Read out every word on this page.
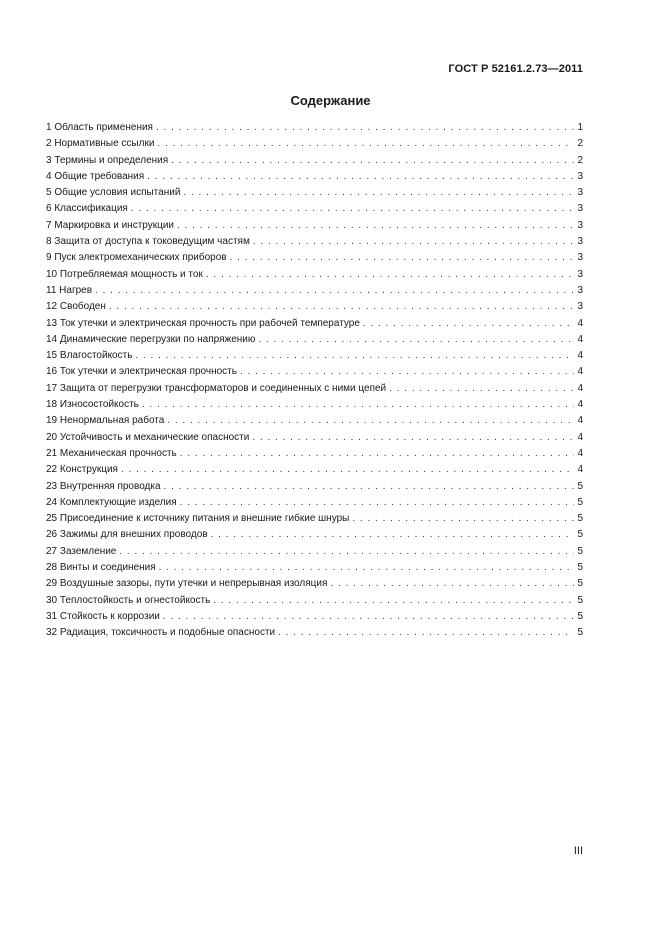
ГОСТ Р 52161.2.73—2011
Содержание
1 Область применения . . .	1
2 Нормативные ссылки . . .	2
3 Термины и определения . . .	2
4 Общие требования . . .	3
5 Общие условия испытаний . . .	3
6 Классификация . . .	3
7 Маркировка и инструкции . . .	3
8 Защита от доступа к токоведущим частям . . .	3
9 Пуск электромеханических приборов . . .	3
10 Потребляемая мощность и ток . . .	3
11 Нагрев . . .	3
12 Свободен . . .	3
13 Ток утечки и электрическая прочность при рабочей температуре . . .	4
14 Динамические перегрузки по напряжению . . .	4
15 Влагостойкость . . .	4
16 Ток утечки и электрическая прочность . . .	4
17 Защита от перегрузки трансформаторов и соединенных с ними цепей . . .	4
18 Износостойкость . . .	4
19 Ненормальная работа . . .	4
20 Устойчивость и механические опасности . . .	4
21 Механическая прочность . . .	4
22 Конструкция . . .	4
23 Внутренняя проводка . . .	5
24 Комплектующие изделия . . .	5
25 Присоединение к источнику питания и внешние гибкие шнуры . . .	5
26 Зажимы для внешних проводов . . .	5
27 Заземление . . .	5
28 Винты и соединения . . .	5
29 Воздушные зазоры, пути утечки и непрерывная изоляция . . .	5
30 Теплостойкость и огнестойкость . . .	5
31 Стойкость к коррозии . . .	5
32 Радиация, токсичность и подобные опасности . . .	5
III
